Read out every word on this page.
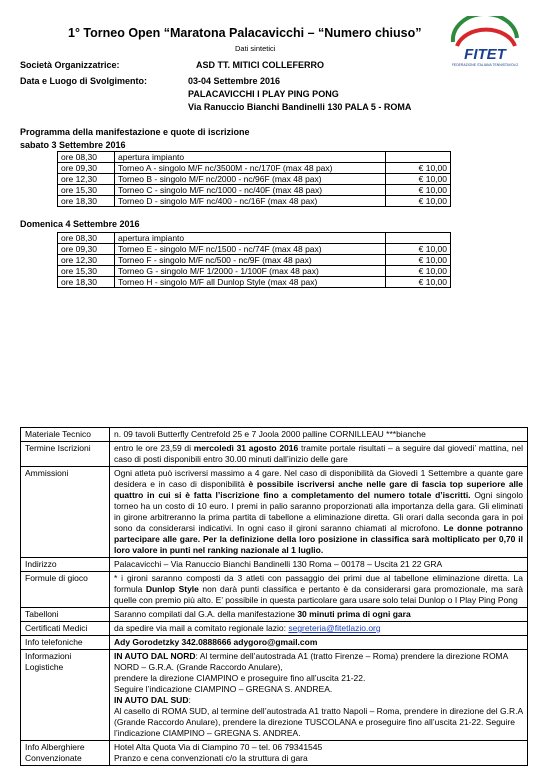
1° Torneo Open “Maratona Palacavicchi – “Numero chiuso”
Dati sintetici	FITET
FEDERAZIONE ITALIANA TENNISTAVOLO
Società Organizzatrice:	ASD TT. MITICI COLLEFERRO
Data e Luogo di Svolgimento:	03-04 Settembre 2016
PALACAVICCHI I PLAY PING PONG
Via Ranuccio Bianchi Bandinelli 130 PALA 5 - ROMA
Programma della manifestazione e quote di iscrizione
sabato 3 Settembre 2016
ore 08,30	apertura impianto	
ore 09,30	Torneo A - singolo M/F nc/3500M - nc/170F (max 48 pax)	€ 10,00
ore 12,30	Torneo B - singolo M/F nc/2000 - nc/96F (max 48 pax)	€ 10,00
ore 15,30	Torneo C - singolo M/F nc/1000 - nc/40F (max 48 pax)	€ 10,00
ore 18,30	Torneo D - singolo M/F nc/400 - nc/16F (max 48 pax)	€ 10,00
Domenica 4 Settembre 2016
ore 08,30	apertura impianto	
ore 09,30	Torneo E - singolo M/F nc/1500 - nc/74F (max 48 pax)	€ 10,00
ore 12,30	Torneo F - singolo M/F nc/500 - nc/9F (max 48 pax)	€ 10,00
ore 15,30	Torneo G - singolo M/F 1/2000 - 1/100F (max 48 pax)	€ 10,00
ore 18,30	Torneo H - singolo M/F all Dunlop Style (max 48 pax)	€ 10,00
Materiale Tecnico	n. 09 tavoli Butterfly Centrefold 25 e 7 Joola 2000 palline CORNILLEAU ***bianche
Termine Iscrizioni	entro le ore 23,59 di mercoledì 31 agosto 2016 tramite portale risultati – a seguire dal giovedi’ mattina, nel caso di posti disponibili entro 30.00 minuti dall’inizio delle gare
Ammissioni	Ogni atleta può iscriversi massimo a 4 gare. Nel caso di disponibilità da Giovedì 1 Settembre a quante gare desidera e in caso di disponibilità è possibile iscriversi anche nelle gare di fascia top superiore alle quattro in cui si è fatta l’iscrizione fino a completamento del numero totale d’iscritti. Ogni singolo torneo ha un costo di 10 euro. I premi in palio saranno proporzionati alla importanza della gara. Gli eliminati in girone arbitreranno la prima partita di tabellone a eliminazione diretta. Gli orari dalla seconda gara in poi sono da considerarsi indicativi. In ogni caso il gironi saranno chiamati al microfono. Le donne potranno partecipare alle gare. Per la definizione della loro posizione in classifica sarà moltiplicato per 0,70 il loro valore in punti nel ranking nazionale al 1 luglio.
Indirizzo	Palacavicchi – Via Ranuccio Bianchi Bandinelli 130 Roma – 00178 – Uscita 21 22 GRA
Formule di gioco	* i gironi saranno composti da 3 atleti con passaggio dei primi due al tabellone eliminazione diretta. La formula Dunlop Style non darà punti classifica e pertanto è da considerarsi gara promozionale, ma sarà quelle con premio più alto. E’ possibile in questa particolare gara usare solo telai Dunlop o I Play Ping Pong
Tabelloni	Saranno compilati dal G.A. della manifestazione 30 minuti prima di ogni gara
Certificati Medici	da spedire via mail a comitato regionale lazio: segreteria@fitetlazio.org
Info telefoniche	Ady Gorodetzky 342.0888666 adygoro@gmail.com
Informazioni Logistiche	IN AUTO DAL NORD: Al termine dell’autostrada A1 (tratto Firenze – Roma) prendere la direzione ROMA NORD – G.R.A. (Grande Raccordo Anulare),
prendere la direzione CIAMPINO e proseguire fino all’uscita 21-22.
Seguire l’indicazione CIAMPINO – GREGNA S. ANDREA.
IN AUTO DAL SUD:
Al casello di ROMA SUD, al termine dell’autostrada A1 tratto Napoli – Roma, prendere in direzione del G.R.A (Grande Raccordo Anulare), prendere la direzione TUSCOLANA e proseguire fino all’uscita 21-22. Seguire l’indicazione CIAMPINO – GREGNA S. ANDREA.
Info Alberghiere Convenzionate	Hotel Alta Quota Via di Ciampino 70 – tel. 06 79341545
Pranzo e cena convenzionati c/o la struttura di gara
